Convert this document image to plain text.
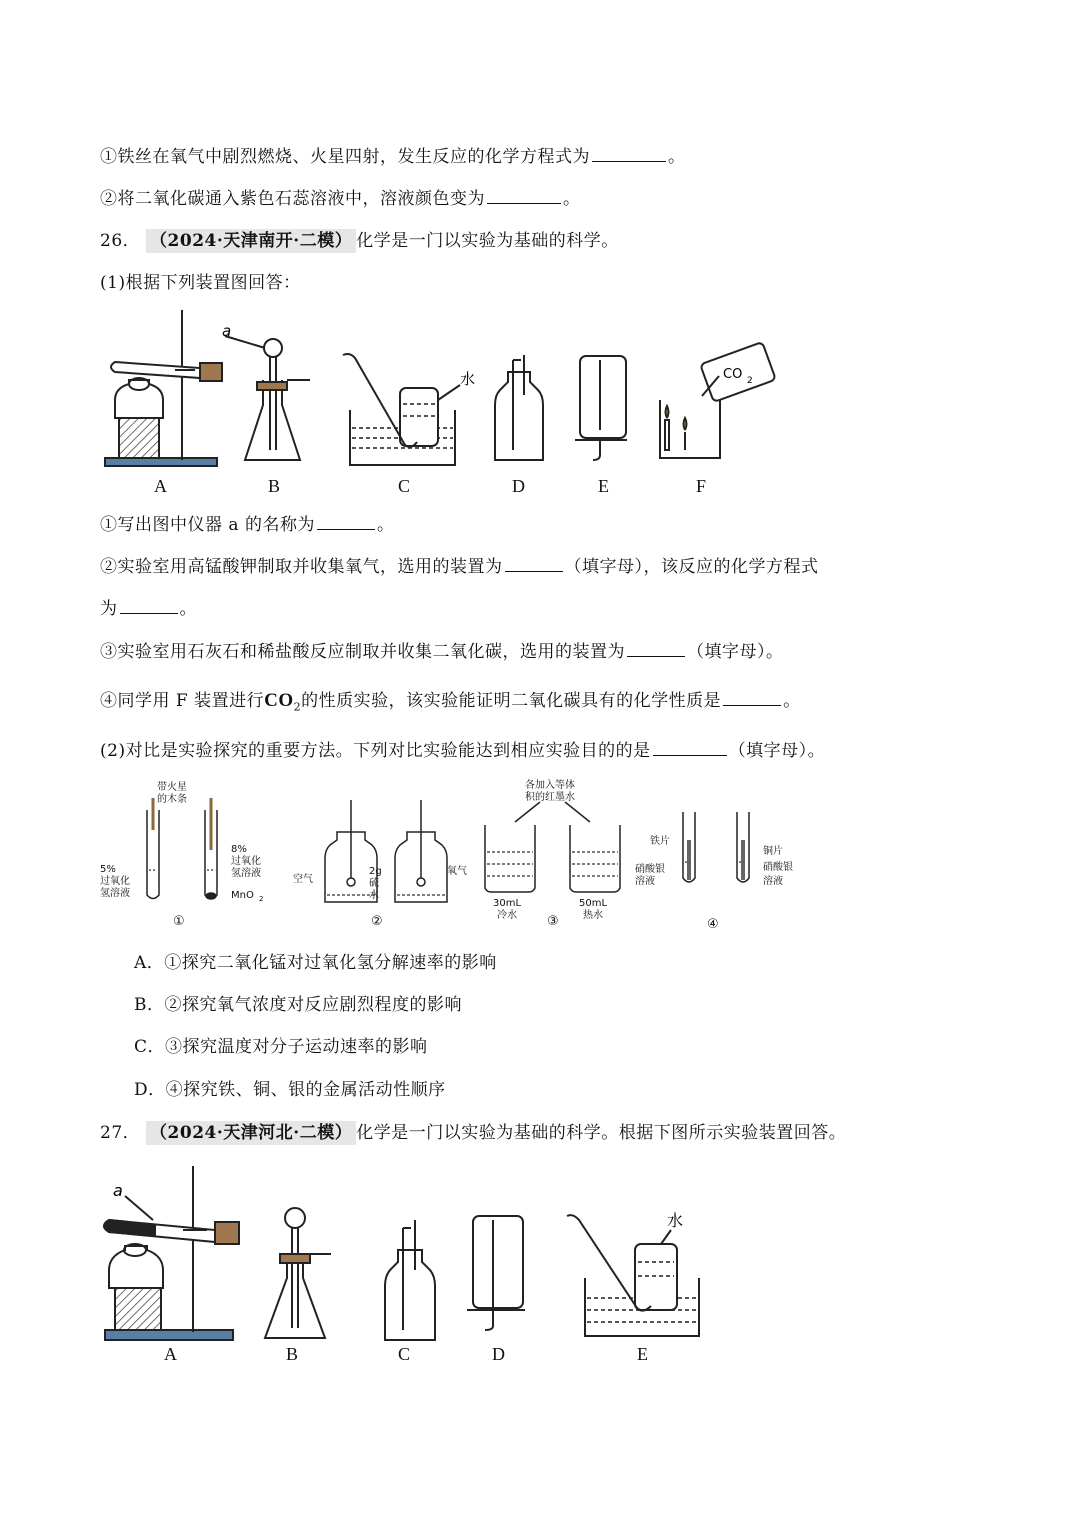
①铁丝在氧气中剧烈燃烧、火星四射，发生反应的化学方程式为	。
②将二氧化碳通入紫色石蕊溶液中，溶液颜色变为	。
26． （2024·天津南开·二模） 化学是一门以实验为基础的科学。
(1)根据下列装置图回答：
CO 2
水
a
A	B	C	D	E	F
①写出图中仪器 a 的名称为	。
②实验室用高锰酸钾制取并收集氧气，选用的装置为	（填字母），该反应的化学方程式
为	。
③实验室用石灰石和稀盐酸反应制取并收集二氧化碳，选用的装置为	（填字母）。
④同学用 F 装置进行$CO_2$的性质实验，该实验能证明二氧化碳具有的化学性质是	。
(2)对比是实验探究的重要方法。下列对比实验能达到相应实验目的的是	（填字母）。
带火星
的木条
5%
过氧化
氢溶液
8%
过氧化
氢溶液
MnO 2
空气
2g
硫
水
氧气
各加入等体
积的红墨水
30mL
冷水
50mL
热水
铁片
硝酸银
溶液
铜片
硝酸银
溶液
①	②	③	④
A．①探究二氧化锰对过氧化氢分解速率的影响
B．②探究氧气浓度对反应剧烈程度的影响
C．③探究温度对分子运动速率的影响
D．④探究铁、铜、银的金属活动性顺序
27． （2024·天津河北·二模） 化学是一门以实验为基础的科学。根据下图所示实验装置回答。
水
a
A	B	C	D	E
